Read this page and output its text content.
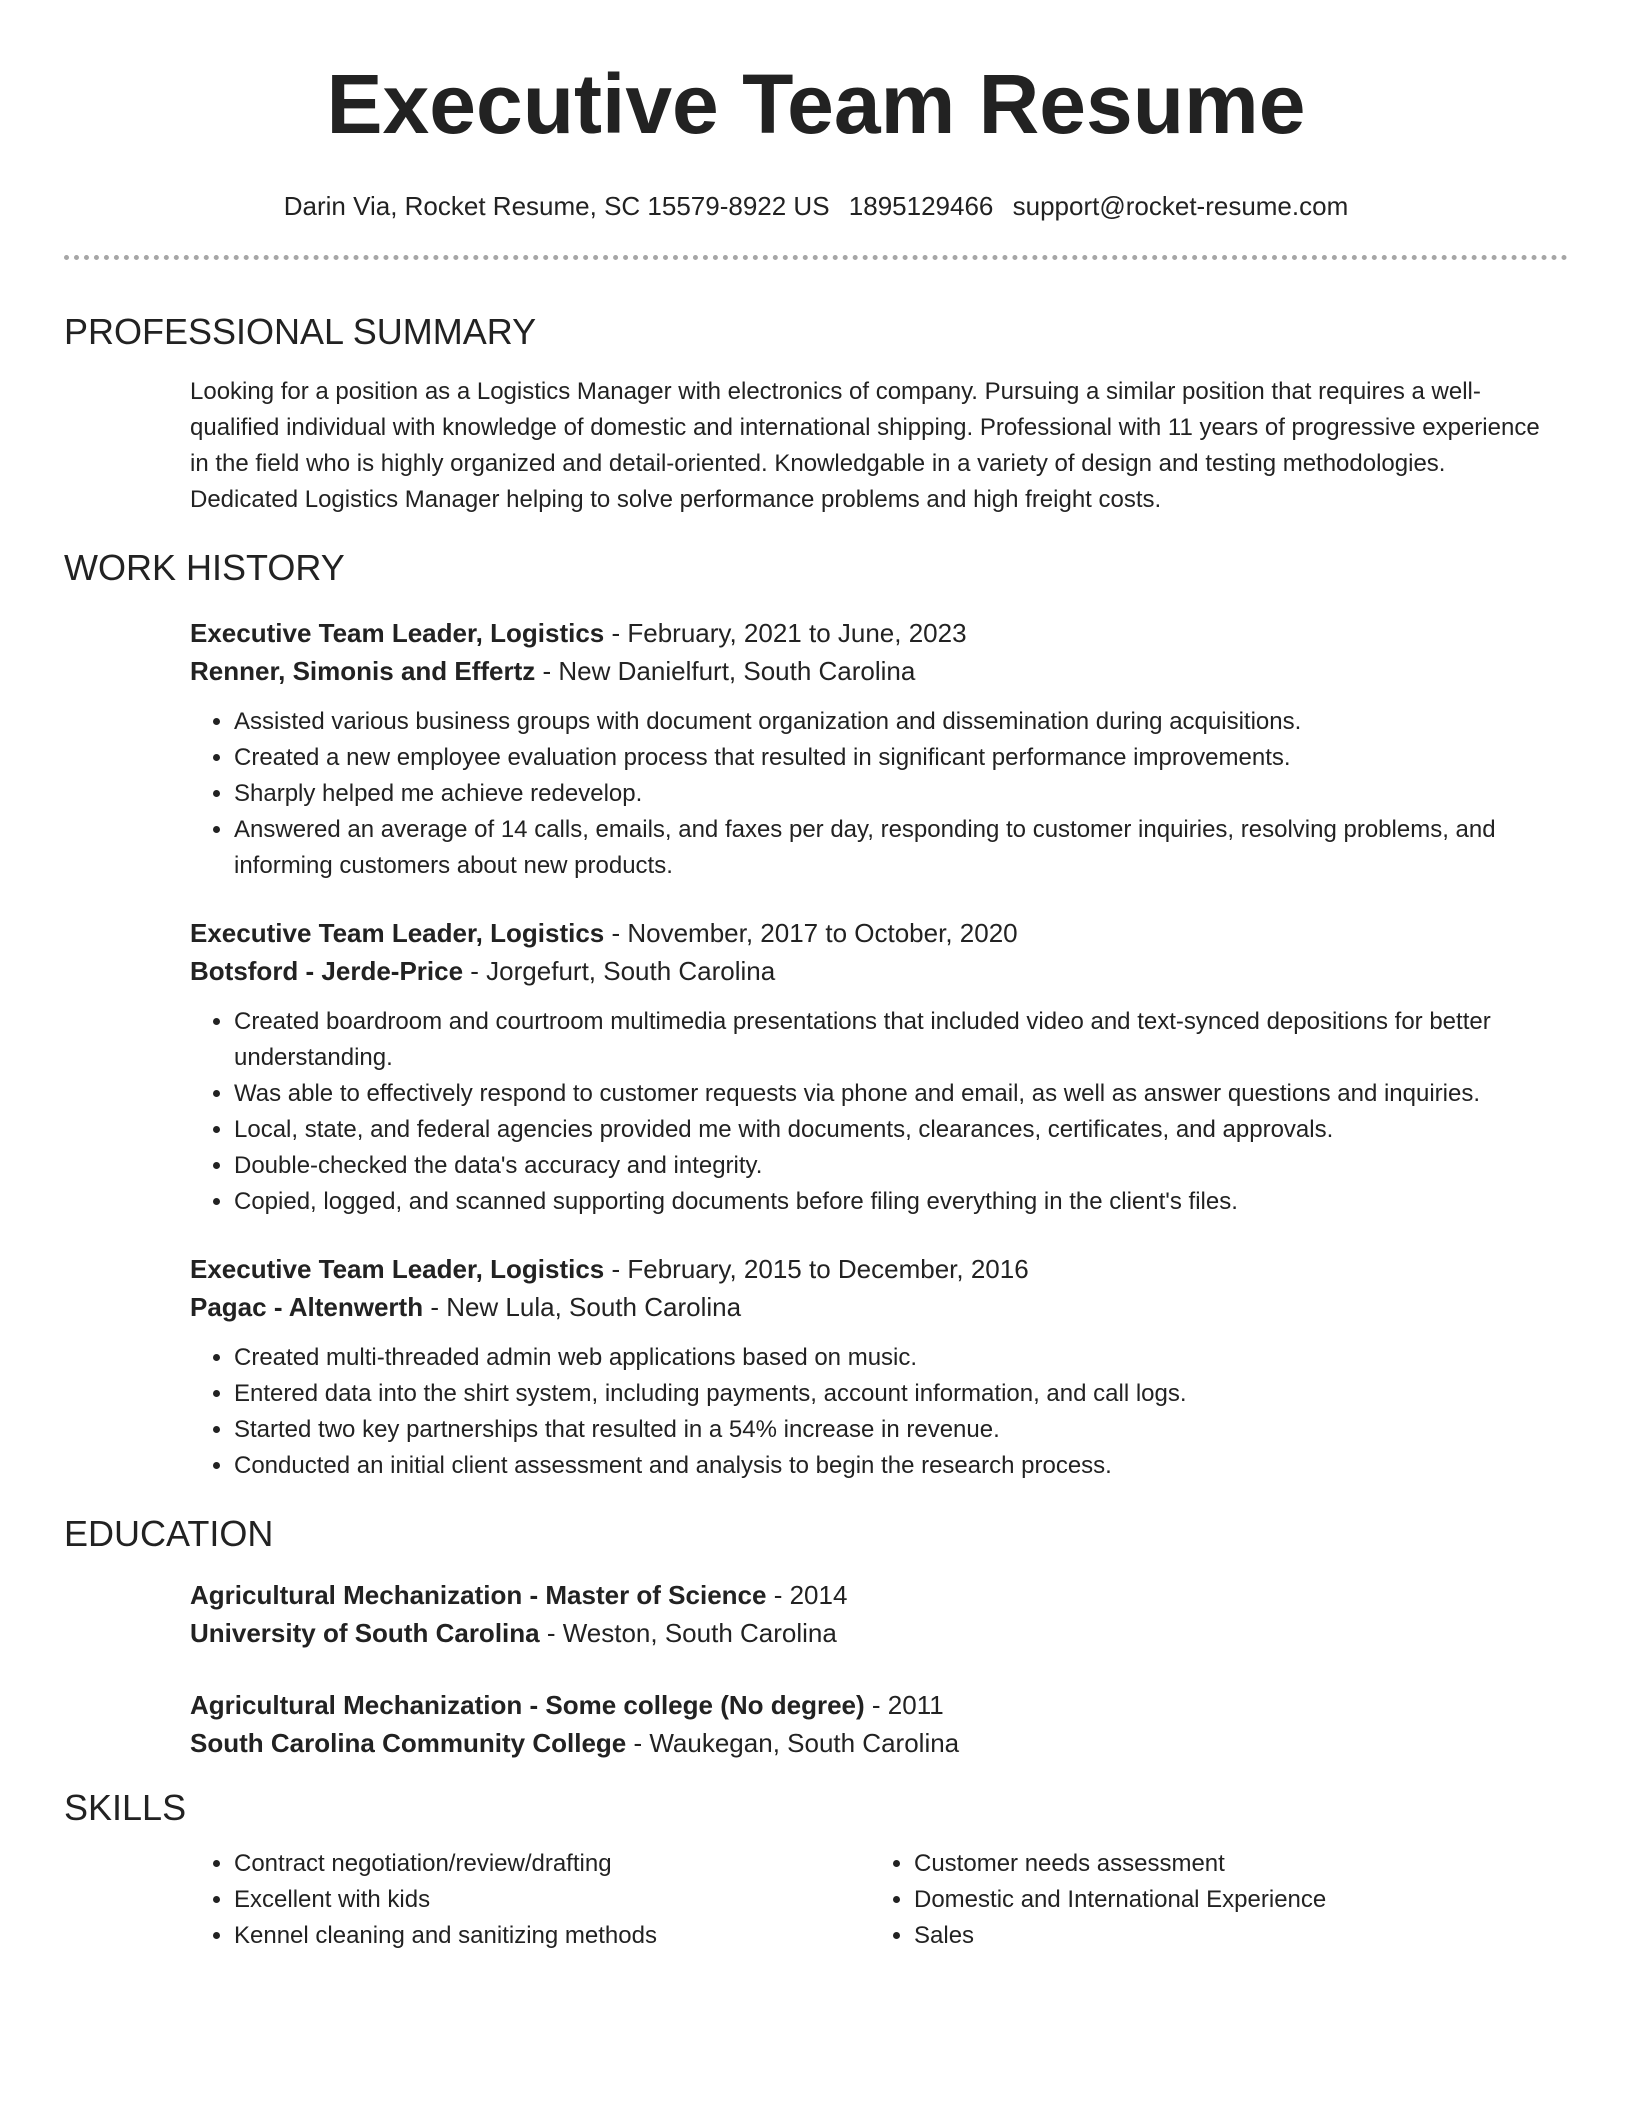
Executive Team Resume
Darin Via, Rocket Resume, SC 15579-8922 US 1895129466 support@rocket-resume.com
PROFESSIONAL SUMMARY

Looking for a position as a Logistics Manager with electronics of company. Pursuing a similar position that requires a well-qualified individual with knowledge of domestic and international shipping. Professional with 11 years of progressive experience in the field who is highly organized and detail-oriented. Knowledgable in a variety of design and testing methodologies. Dedicated Logistics Manager helping to solve performance problems and high freight costs.

WORK HISTORY
Executive Team Leader, Logistics - February, 2021 to June, 2023
Renner, Simonis and Effertz - New Danielfurt, South Carolina
• Assisted various business groups with document organization and dissemination during acquisitions.
• Created a new employee evaluation process that resulted in significant performance improvements.
• Sharply helped me achieve redevelop.
• Answered an average of 14 calls, emails, and faxes per day, responding to customer inquiries, resolving problems, and informing customers about new products.
Executive Team Leader, Logistics - November, 2017 to October, 2020
Botsford - Jerde-Price - Jorgefurt, South Carolina
• Created boardroom and courtroom multimedia presentations that included video and text-synced depositions for better understanding.
• Was able to effectively respond to customer requests via phone and email, as well as answer questions and inquiries.
• Local, state, and federal agencies provided me with documents, clearances, certificates, and approvals.
• Double-checked the data's accuracy and integrity.
• Copied, logged, and scanned supporting documents before filing everything in the client's files.
Executive Team Leader, Logistics - February, 2015 to December, 2016
Pagac - Altenwerth - New Lula, South Carolina
• Created multi-threaded admin web applications based on music.
• Entered data into the shirt system, including payments, account information, and call logs.
• Started two key partnerships that resulted in a 54% increase in revenue.
• Conducted an initial client assessment and analysis to begin the research process.
EDUCATION
Agricultural Mechanization - Master of Science - 2014
University of South Carolina - Weston, South Carolina
Agricultural Mechanization - Some college (No degree) - 2011
South Carolina Community College - Waukegan, South Carolina
SKILLS
• Contract negotiation/review/drafting
• Excellent with kids
• Kennel cleaning and sanitizing methods
• Customer needs assessment
• Domestic and International Experience
• Sales
